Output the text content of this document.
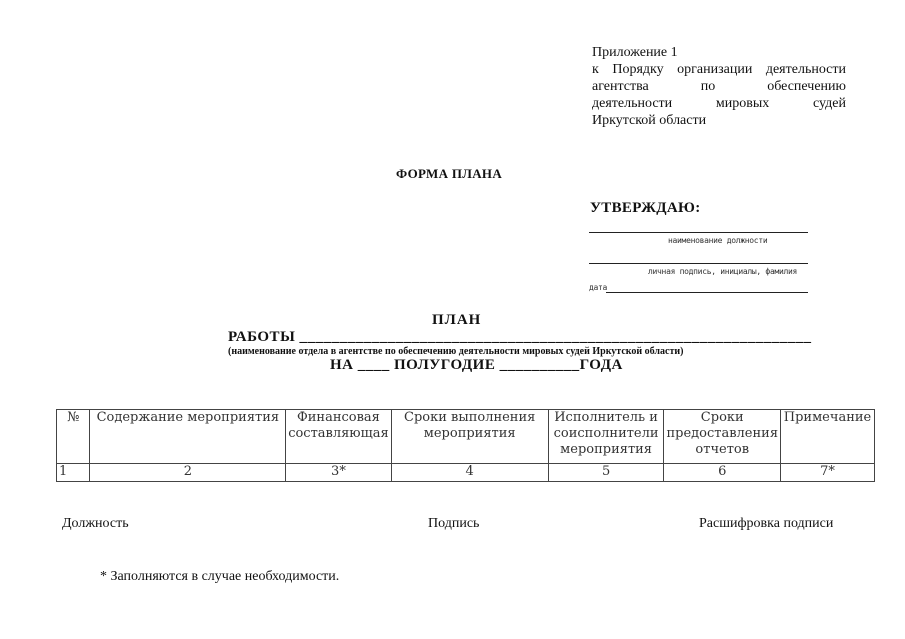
Приложение 1
к Порядку организации деятельности
агентства по обеспечению
деятельности мировых судей
Иркутской области
ФОРМА ПЛАНА
УТВЕРЖДАЮ:
наименование должности
личная подпись, инициалы, фамилия
дата
ПЛАН
РАБОТЫ ________________________________________________________________
(наименование отдела в агентстве по обеспечению деятельности мировых судей Иркутской области)
НА ____ ПОЛУГОДИЕ __________ГОДА
№	Содержание мероприятия	Финансовая составляющая	Сроки выполнения мероприятия	Исполнитель и соисполнители мероприятия	Сроки предоставления отчетов	Примечание
1	2	3*	4	5	6	7*
Должность	Подпись	Расшифровка подписи
* Заполняются в случае необходимости.
